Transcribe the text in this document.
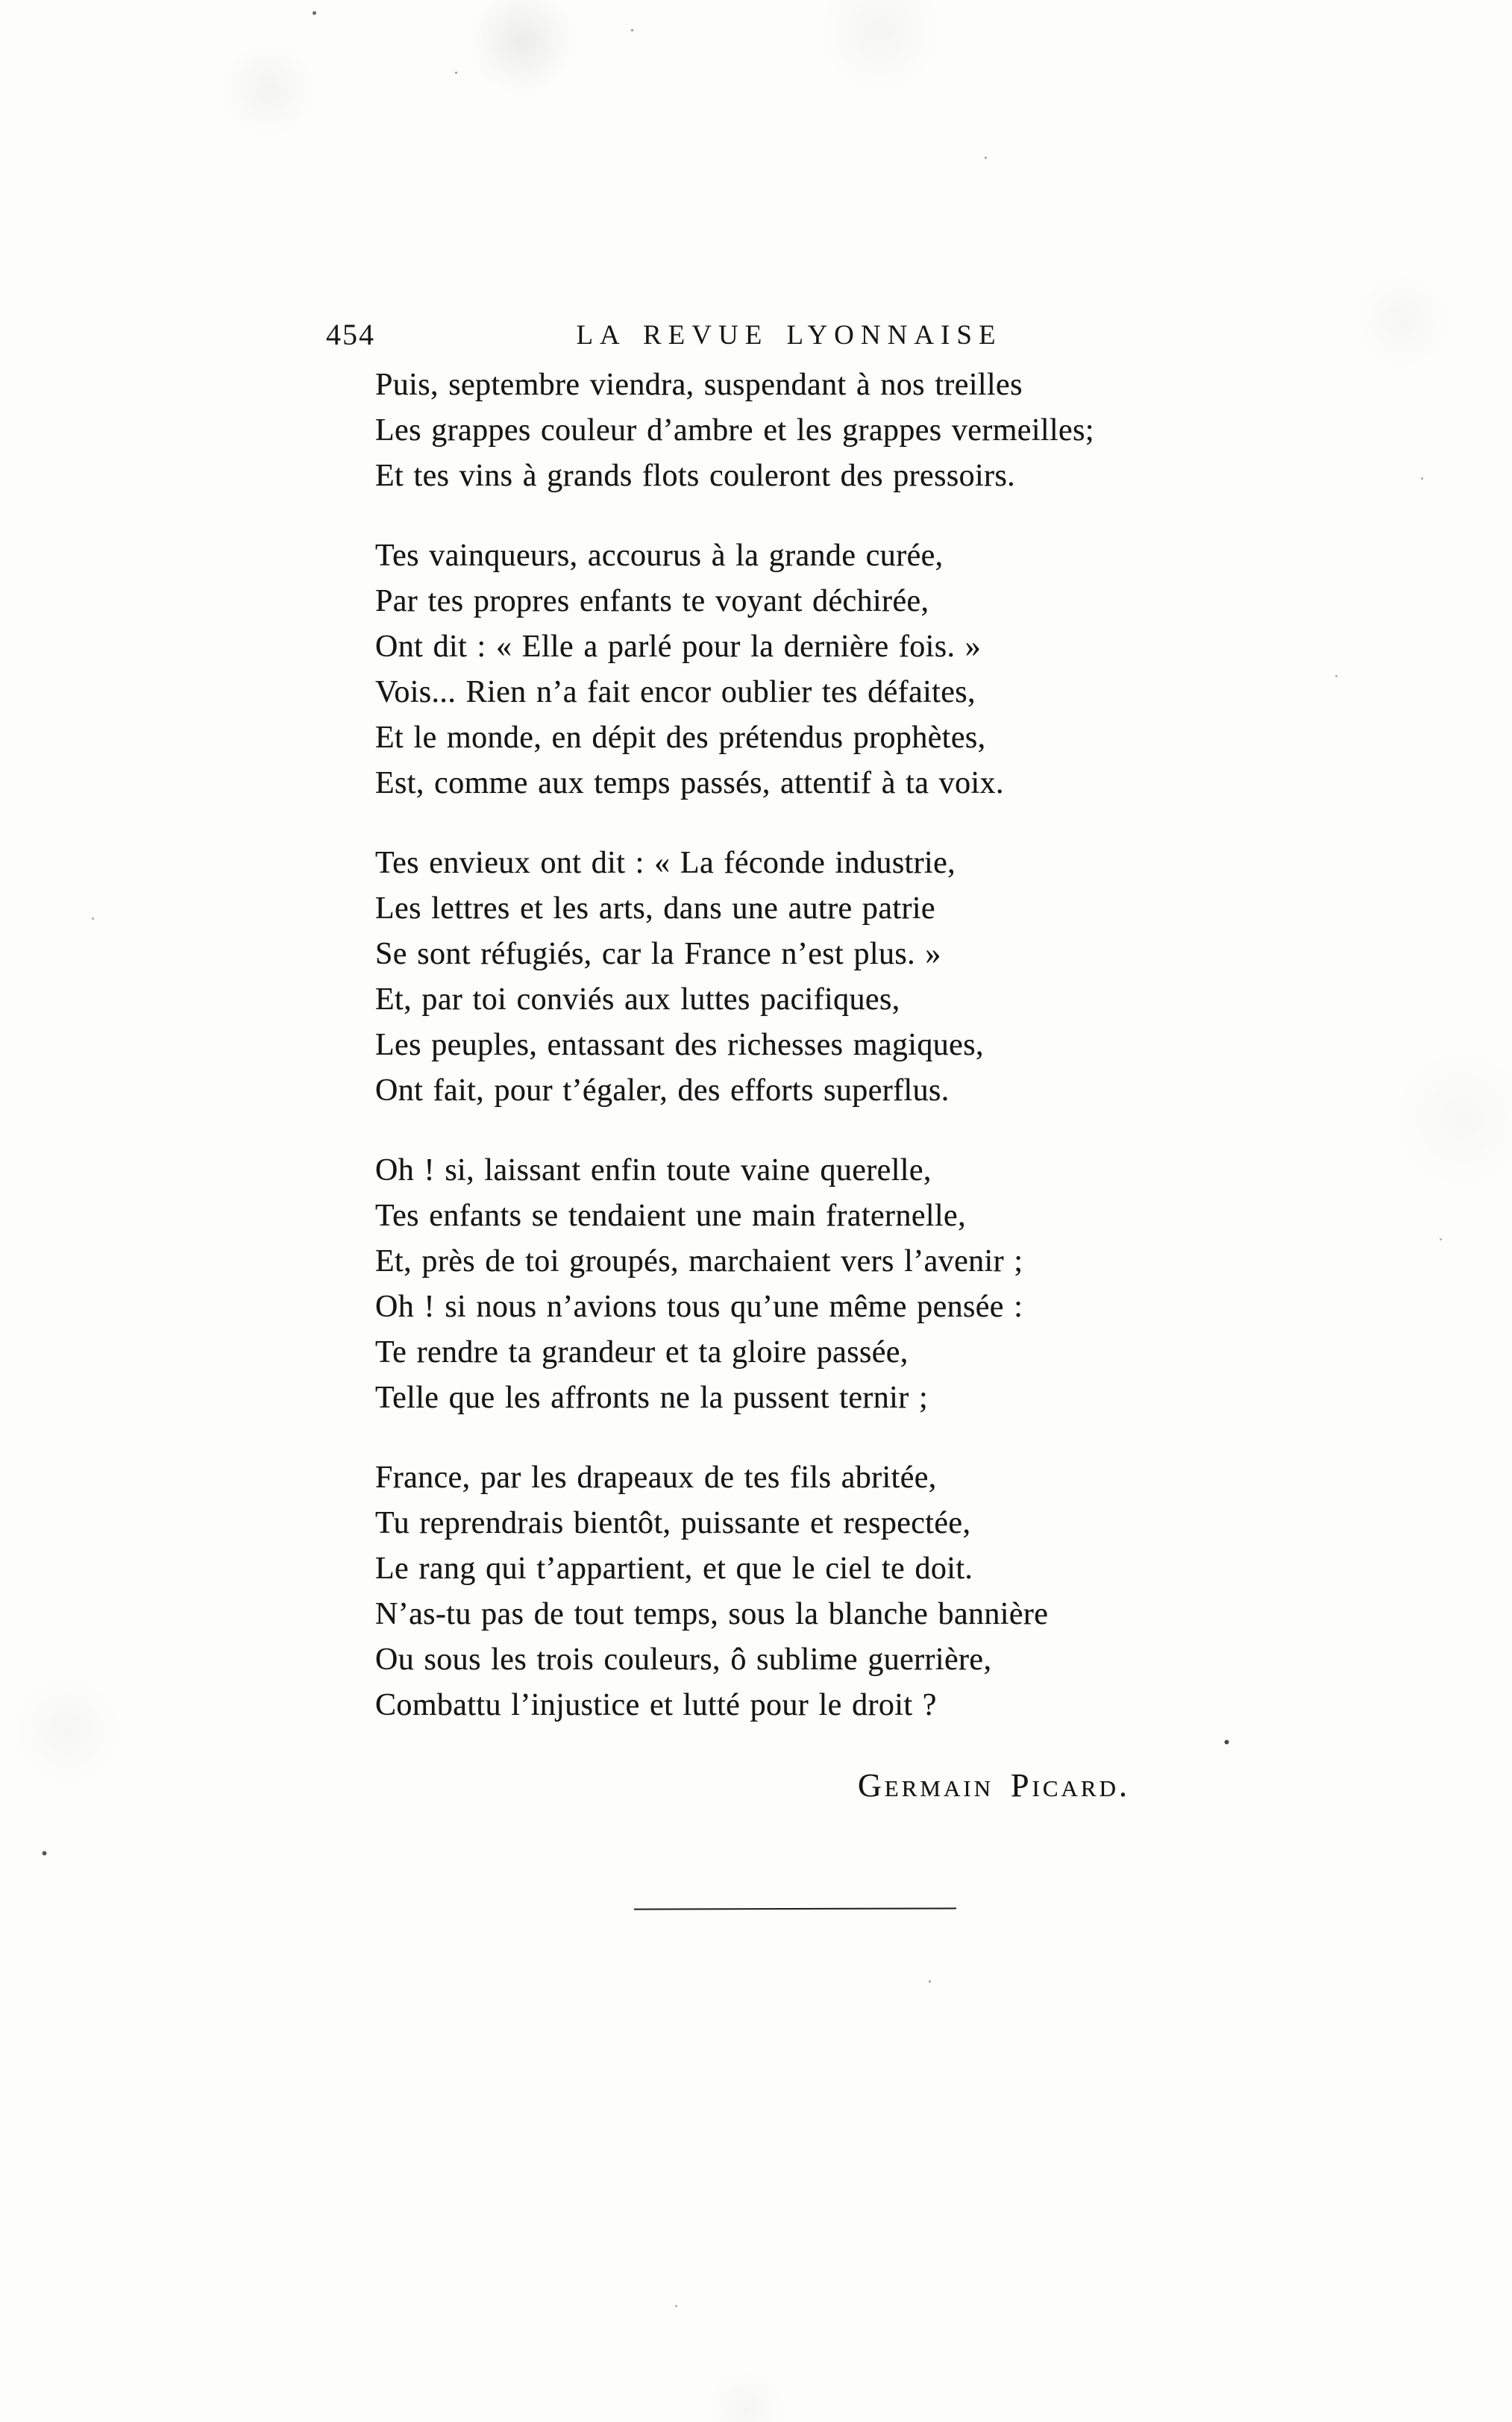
454	LA REVUE LYONNAISE
Puis, septembre viendra, suspendant à nos treilles
Les grappes couleur d’ambre et les grappes vermeilles;
Et tes vins à grands flots couleront des pressoirs.
Tes vainqueurs, accourus à la grande curée,
Par tes propres enfants te voyant déchirée,
Ont dit : « Elle a parlé pour la dernière fois. »
Vois... Rien n’a fait encor oublier tes défaites,
Et le monde, en dépit des prétendus prophètes,
Est, comme aux temps passés, attentif à ta voix.
Tes envieux ont dit : « La féconde industrie,
Les lettres et les arts, dans une autre patrie
Se sont réfugiés, car la France n’est plus. »
Et, par toi conviés aux luttes pacifiques,
Les peuples, entassant des richesses magiques,
Ont fait, pour t’égaler, des efforts superflus.
Oh ! si, laissant enfin toute vaine querelle,
Tes enfants se tendaient une main fraternelle,
Et, près de toi groupés, marchaient vers l’avenir ;
Oh ! si nous n’avions tous qu’une même pensée :
Te rendre ta grandeur et ta gloire passée,
Telle que les affronts ne la pussent ternir ;
France, par les drapeaux de tes fils abritée,
Tu reprendrais bientôt, puissante et respectée,
Le rang qui t’appartient, et que le ciel te doit.
N’as-tu pas de tout temps, sous la blanche bannière
Ou sous les trois couleurs, ô sublime guerrière,
Combattu l’injustice et lutté pour le droit ?
Germain Picard.
